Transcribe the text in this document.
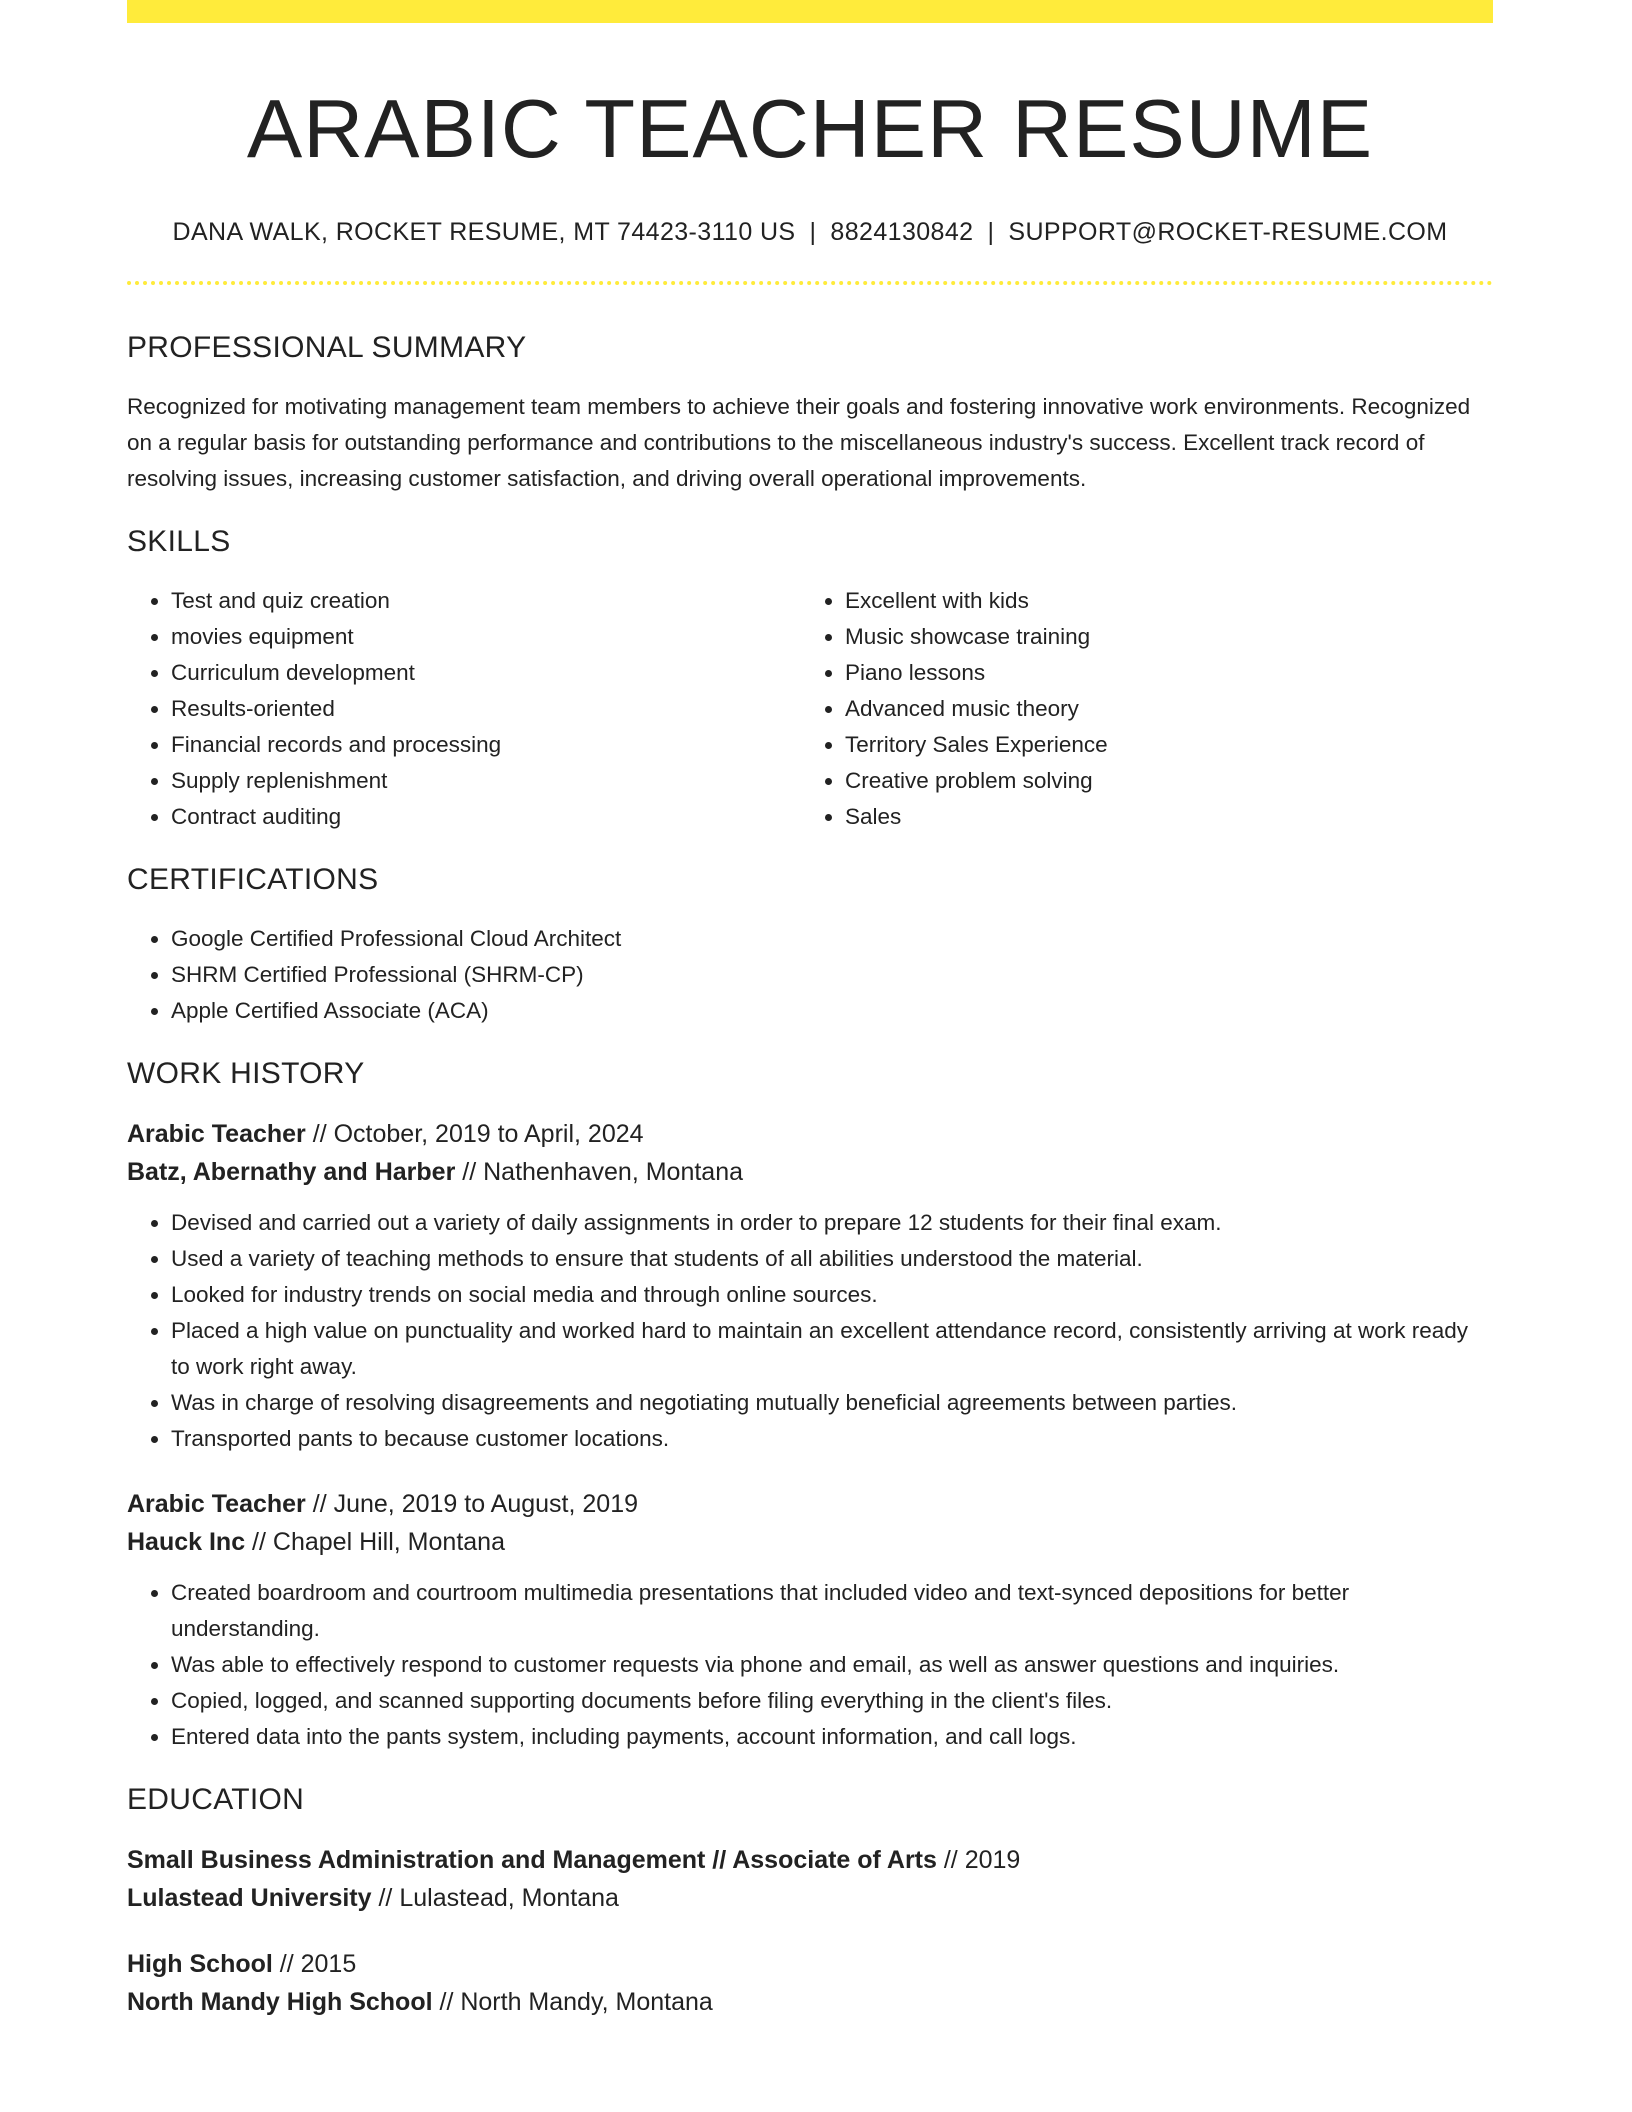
ARABIC TEACHER RESUME
DANA WALK, ROCKET RESUME, MT 74423-3110 US | 8824130842 | SUPPORT@ROCKET-RESUME.COM
PROFESSIONAL SUMMARY

Recognized for motivating management team members to achieve their goals and fostering innovative work environments. Recognized on a regular basis for outstanding performance and contributions to the miscellaneous industry's success. Excellent track record of resolving issues, increasing customer satisfaction, and driving overall operational improvements.

SKILLS
• Test and quiz creation
• movies equipment
• Curriculum development
• Results-oriented
• Financial records and processing
• Supply replenishment
• Contract auditing
• Excellent with kids
• Music showcase training
• Piano lessons
• Advanced music theory
• Territory Sales Experience
• Creative problem solving
• Sales
CERTIFICATIONS
• Google Certified Professional Cloud Architect
• SHRM Certified Professional (SHRM-CP)
• Apple Certified Associate (ACA)
WORK HISTORY
Arabic Teacher // October, 2019 to April, 2024
Batz, Abernathy and Harber // Nathenhaven, Montana
• Devised and carried out a variety of daily assignments in order to prepare 12 students for their final exam.
• Used a variety of teaching methods to ensure that students of all abilities understood the material.
• Looked for industry trends on social media and through online sources.
• Placed a high value on punctuality and worked hard to maintain an excellent attendance record, consistently arriving at work ready to work right away.
• Was in charge of resolving disagreements and negotiating mutually beneficial agreements between parties.
• Transported pants to because customer locations.
Arabic Teacher // June, 2019 to August, 2019
Hauck Inc // Chapel Hill, Montana
• Created boardroom and courtroom multimedia presentations that included video and text-synced depositions for better understanding.
• Was able to effectively respond to customer requests via phone and email, as well as answer questions and inquiries.
• Copied, logged, and scanned supporting documents before filing everything in the client's files.
• Entered data into the pants system, including payments, account information, and call logs.
EDUCATION
Small Business Administration and Management // Associate of Arts // 2019
Lulastead University // Lulastead, Montana
High School // 2015
North Mandy High School // North Mandy, Montana
